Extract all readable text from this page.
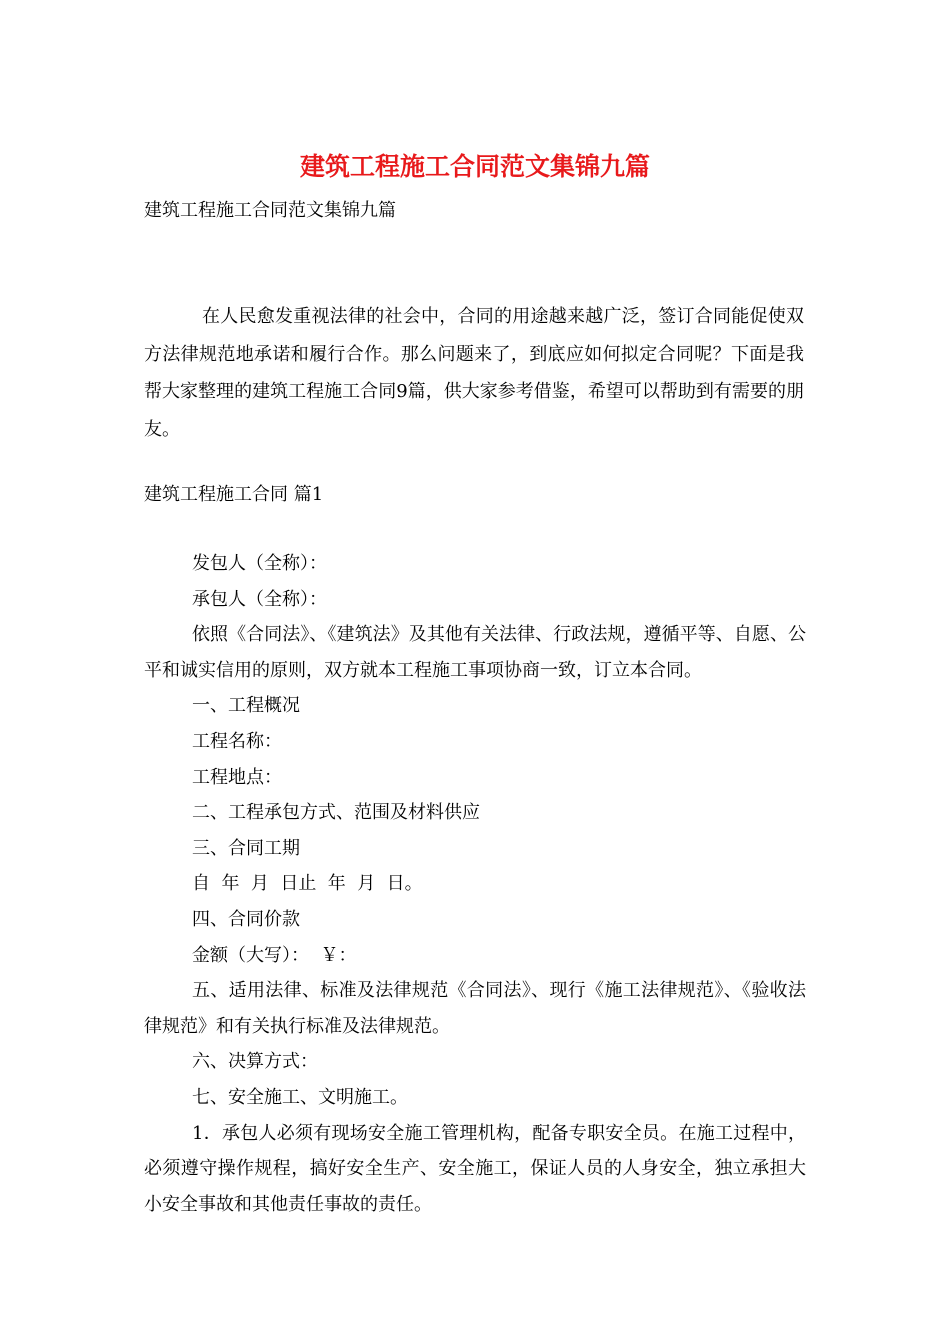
建筑工程施工合同范文集锦九篇

建筑工程施工合同范文集锦九篇

在人民愈发重视法律的社会中，合同的用途越来越广泛，签订合同能促使双方法律规范地承诺和履行合作。那么问题来了，到底应如何拟定合同呢？下面是我帮大家整理的建筑工程施工合同9篇，供大家参考借鉴，希望可以帮助到有需要的朋友。

建筑工程施工合同 篇1

发包人（全称）：

承包人（全称）：

依照《合同法》、《建筑法》及其他有关法律、行政法规，遵循平等、自愿、公平和诚实信用的原则，双方就本工程施工事项协商一致，订立本合同。

一、工程概况

工程名称：

工程地点：

二、工程承包方式、范围及材料供应

三、合同工期

自  年  月  日止  年  月  日。

四、合同价款

金额（大写）：  ￥：

五、适用法律、标准及法律规范《合同法》、现行《施工法律规范》、《验收法律规范》和有关执行标准及法律规范。

六、决算方式：

七、安全施工、文明施工。

1．承包人必须有现场安全施工管理机构，配备专职安全员。在施工过程中，必须遵守操作规程，搞好安全生产、安全施工，保证人员的人身安全，独立承担大小安全事故和其他责任事故的责任。
